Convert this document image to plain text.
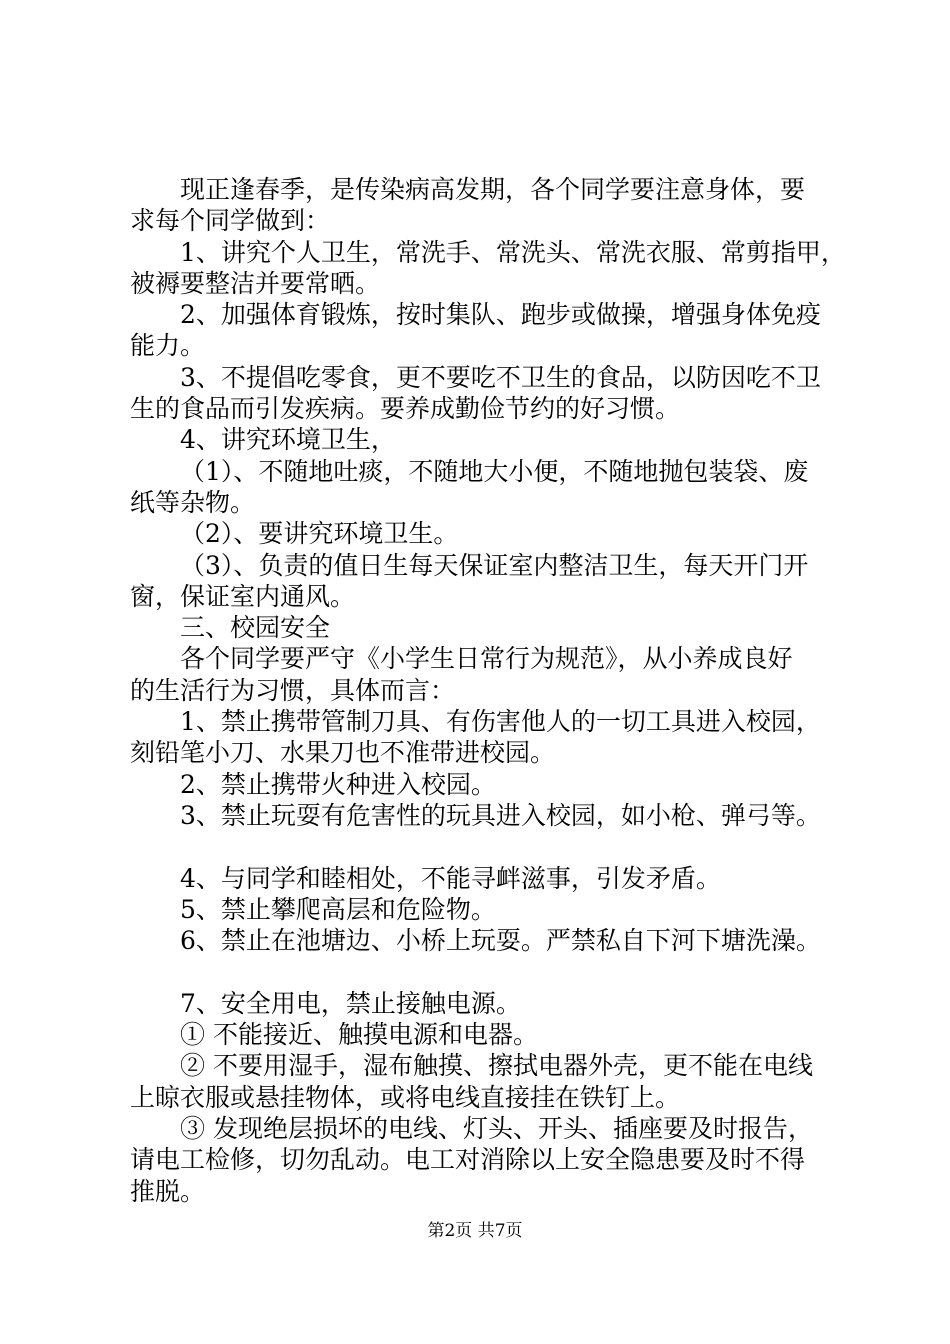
现正逢春季，是传染病高发期，各个同学要注意身体，要
求每个同学做到：
1、讲究个人卫生，常洗手、常洗头、常洗衣服、常剪指甲，
被褥要整洁并要常晒。
2、加强体育锻炼，按时集队、跑步或做操，增强身体免疫
能力。
3、不提倡吃零食，更不要吃不卫生的食品，以防因吃不卫
生的食品而引发疾病。要养成勤俭节约的好习惯。
4、讲究环境卫生，
（1）、不随地吐痰，不随地大小便，不随地抛包装袋、废
纸等杂物。
（2）、要讲究环境卫生。
（3）、负责的值日生每天保证室内整洁卫生，每天开门开
窗，保证室内通风。
三、校园安全
各个同学要严守《小学生日常行为规范》，从小养成良好
的生活行为习惯，具体而言：
1、禁止携带管制刀具、有伤害他人的一切工具进入校园，
刻铅笔小刀、水果刀也不准带进校园。
2、禁止携带火种进入校园。
3、禁止玩耍有危害性的玩具进入校园，如小枪、弹弓等。
4、与同学和睦相处，不能寻衅滋事，引发矛盾。
5、禁止攀爬高层和危险物。
6、禁止在池塘边、小桥上玩耍。严禁私自下河下塘洗澡。
7、安全用电，禁止接触电源。
① 不能接近、触摸电源和电器。
② 不要用湿手，湿布触摸、擦拭电器外壳，更不能在电线
上晾衣服或悬挂物体，或将电线直接挂在铁钉上。
③ 发现绝层损坏的电线、灯头、开头、插座要及时报告，
请电工检修，切勿乱动。电工对消除以上安全隐患要及时不得
推脱。
第2页 共7页
